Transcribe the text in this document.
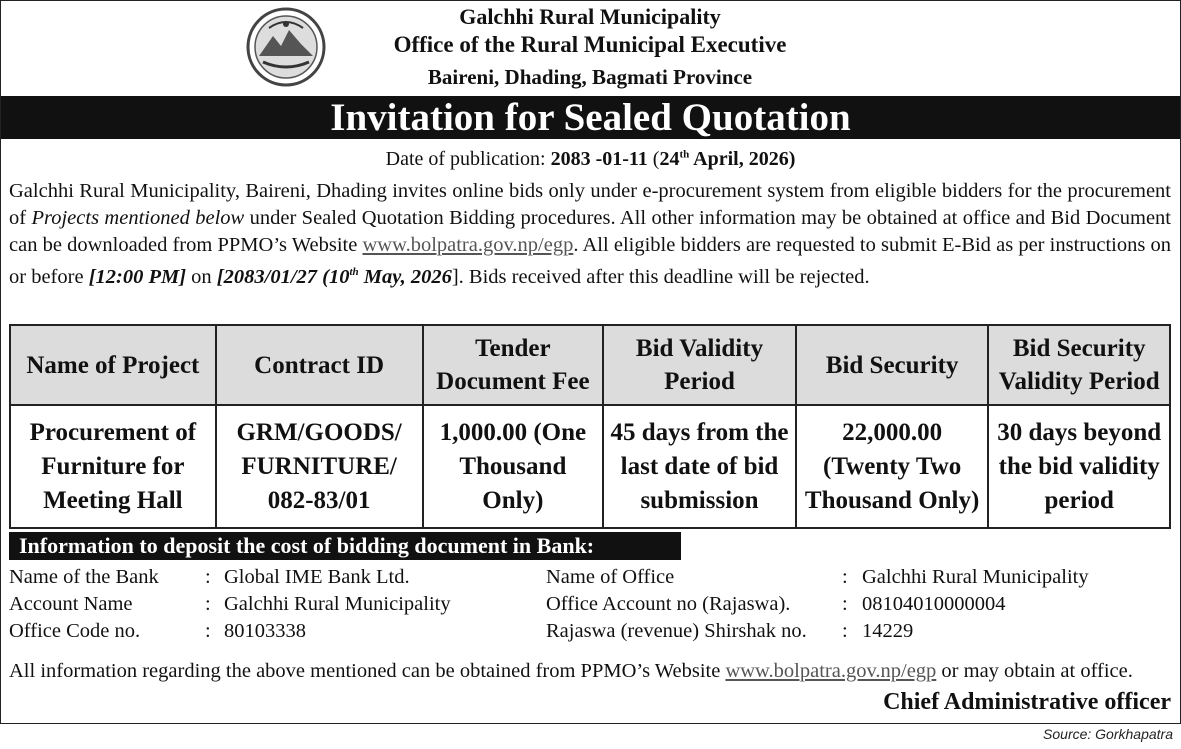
Galchhi Rural Municipality
Office of the Rural Municipal Executive
Baireni, Dhading, Bagmati Province
Invitation for Sealed Quotation
Date of publication: 2083 -01-11 (24th April, 2026)
Galchhi Rural Municipality, Baireni, Dhading invites online bids only under e-procurement system from eligible bidders for the procurement of Projects mentioned below under Sealed Quotation Bidding procedures. All other information may be obtained at office and Bid Document can be downloaded from PPMO’s Website www.bolpatra.gov.np/egp. All eligible bidders are requested to submit E-Bid as per instructions on or before [12:00 PM] on [2083/01/27 (10th May, 2026]. Bids received after this deadline will be rejected.
Name of Project	Contract ID	Tender Document Fee	Bid Validity Period	Bid Security	Bid Security Validity Period
Procurement of Furniture for Meeting Hall	GRM/GOODS/ FURNITURE/ 082-83/01	1,000.00 (One Thousand Only)	45 days from the last date of bid submission	22,000.00 (Twenty Two Thousand Only)	30 days beyond the bid validity period
Information to deposit the cost of bidding document in Bank:
Name of the Bank : Global IME Bank Ltd.
Account Name	: Galchhi Rural Municipality
Office Code no.	: 80103338
Name of Office	: Galchhi Rural Municipality
Office Account no (Rajaswa).	: 08104010000004
Rajaswa (revenue) Shirshak no. : 14229
All information regarding the above mentioned can be obtained from PPMO’s Website www.bolpatra.gov.np/egp or may obtain at office.
Chief Administrative officer
Source: Gorkhapatra
